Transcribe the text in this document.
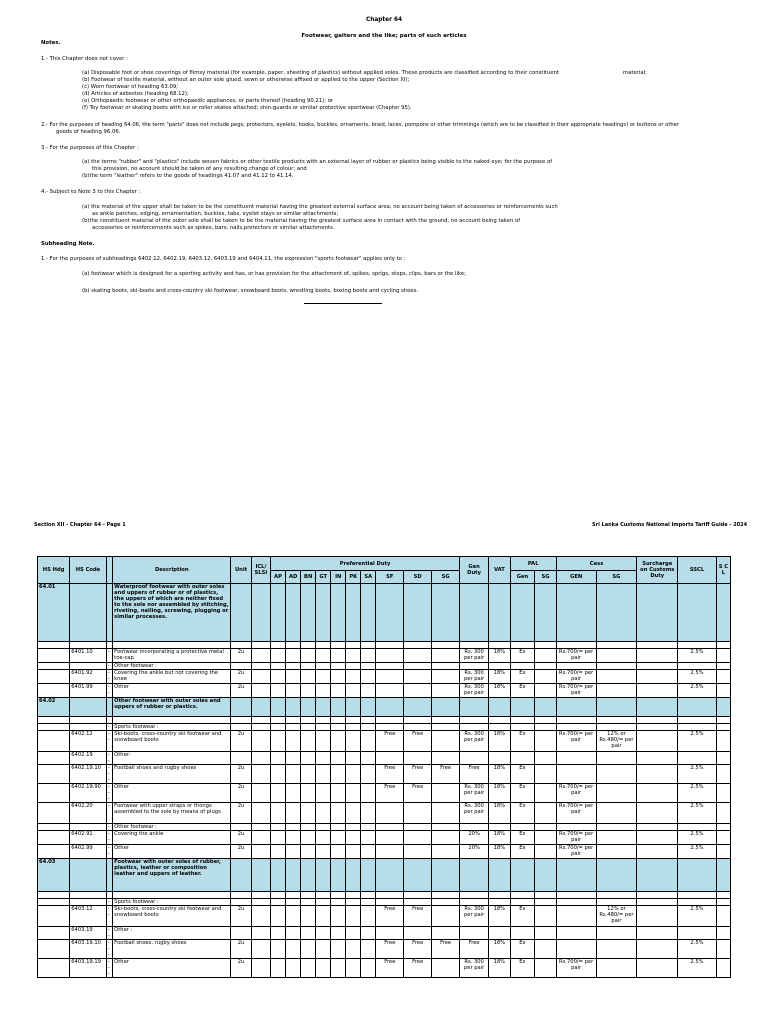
Chapter 64
Footwear, gaiters and the like; parts of such articles
Notes.
1.- This Chapter does not cover :
(a) Disposable foot or shoe coverings of flimsy material (for example, paper, sheeting of plastics) without applied soles. These products are classified according to their constituent	material;
(b) Footwear of textile material, without an outer sole glued, sewn or otherwise affixed or applied to the upper (Section XI);
(c) Worn footwear of heading 63.09;
(d) Articles of asbestos (heading 68.12);
(e) Orthopaedic footwear or other orthopaedic appliances, or parts thereof (heading 90.21); or
(f) Toy footwear or skating boots with ice or roller skates attached; shin-guards or similar protective sportwear (Chapter 95).
2.- For the purposes of heading 64.06, the term "parts" does not include pegs, protectors, eyelets, hooks, buckles, ornaments, braid, laces, pompons or other trimmings (which are to be classified in their appropriate headings) or buttons or other
goods of heading 96.06.
3.- For the purposes of this Chapter :
(a) the terms "rubber" and "plastics" include woven fabrics or other textile products with an external layer of rubber or plastics being visible to the naked eye; for the purpose of
this provision, no account should be taken of any resulting change of colour; and
(b)the term "leather" refers to the goods of headings 41.07 and 41.12 to 41.14.
4.- Subject to Note 3 to this Chapter :
(a) the material of the upper shall be taken to be the constituent material having the greatest external surface area, no account being taken of accessories or reinforcements such
as ankle patches, edging, ornamentation, buckles, tabs, eyelet stays or similar attachments;
(b)the constituent material of the outer sole shall be taken to be the material having the greatest surface area in contact with the ground, no account being taken of
accessories or reinforcements such as spikes, bars, nails,protectors or similar attachments.
Subheading Note.
1.- For the purposes of subheadings 6402.12, 6402.19, 6403.12, 6403.19 and 6404.11, the expression "sports footwear" applies only to :
(a) footwear which is designed for a sporting activity and has, or has provision for the attachment of, spikes, sprigs, stops, clips, bars or the like;
(b) skating boots, ski-boots and cross-country ski footwear, snowboard boots, wrestling boots, boxing boots and cycling shoes.
Section XII - Chapter 64 - Page 1	Sri Lanka Customs National Imports Tariff Guide - 2024
HS Hdg	HS Code		Description	Unit	ICL/ SLSI	Preferential Duty										Gen Duty	VAT	PAL		Cess		Surcharge on Customs Duty	SSCL	S C L
						AP	AD	BN	GT	IN	PK	SA	SF	SD	SG			Gen	SG	GEN	SG			
64.01			Waterproof footwear with outer soles and uppers of rubber or of plastics, the uppers of which are neither fixed to the sole nor assembled by stitching, riveting, nailing, screwing, plugging or similar processes.																					

	6401.10	-	Footwear incorporating a protective metal toe-cap	2u												Rs. 300 per pair	18%	Ex		Rs.700/= per pair			2.5%	
		-	Other footwear :																					
	6401.92	--	Covering the ankle but not covering the knee	2u												Rs. 300 per pair	18%	Ex		Rs.700/= per pair			2.5%	
	6401.99	--	Other	2u												Rs. 300 per pair	18%	Ex		Rs.700/= per pair			2.5%	
64.02			Other footwear with outer soles and uppers of rubber or plastics.																					

		-	Sports footwear :																					
	6402.12	--	Ski-boots, cross-country ski footwear and snowboard boots	2u									Free	Free		Rs. 300 per pair	18%	Ex		Rs.700/= per pair	12% or Rs.480/= per pair		2.5%	
	6402.19	--	Other:																					
	6402.19.10	---	Football shoes and rugby shoes	2u									Free	Free	Free	Free	18%	Ex					2.5%	
	6402.19.90	---	Other	2u									Free	Free		Rs. 300 per pair	18%	Ex		Rs.700/= per pair			2.5%	
	6402.20	-	Footwear with upper straps or thongs assembled to the sole by means of plugs	2u												Rs. 300 per pair	18%	Ex		Rs.700/= per pair			2.5%	
		-	Other footwear :																					
	6402.91	--	Covering the ankle	2u												20%	18%	Ex		Rs.700/= per pair			2.5%	
	6402.99	--	Other	2u												20%	18%	Ex		Rs.700/= per pair			2.5%	
64.03			Footwear with outer soles of rubber, plastics, leather or composition leather and uppers of leather.																					

		-	Sports footwear :																					
	6403.12	--	Ski-boots, cross-country ski footwear and snowboard boots	2u									Free	Free		Rs. 300 per pair	18%	Ex			12% or Rs.480/= per pair		2.5%	
	6403.19	--	Other :																					
	6403.19.10	---	Football shoes, rugby shoes	2u									Free	Free	Free	Free	18%	Ex					2.5%	
	6403.19.19	---	Other	2u									Free	Free		Rs. 300 per pair	18%	Ex		Rs.700/= per pair			2.5%	
